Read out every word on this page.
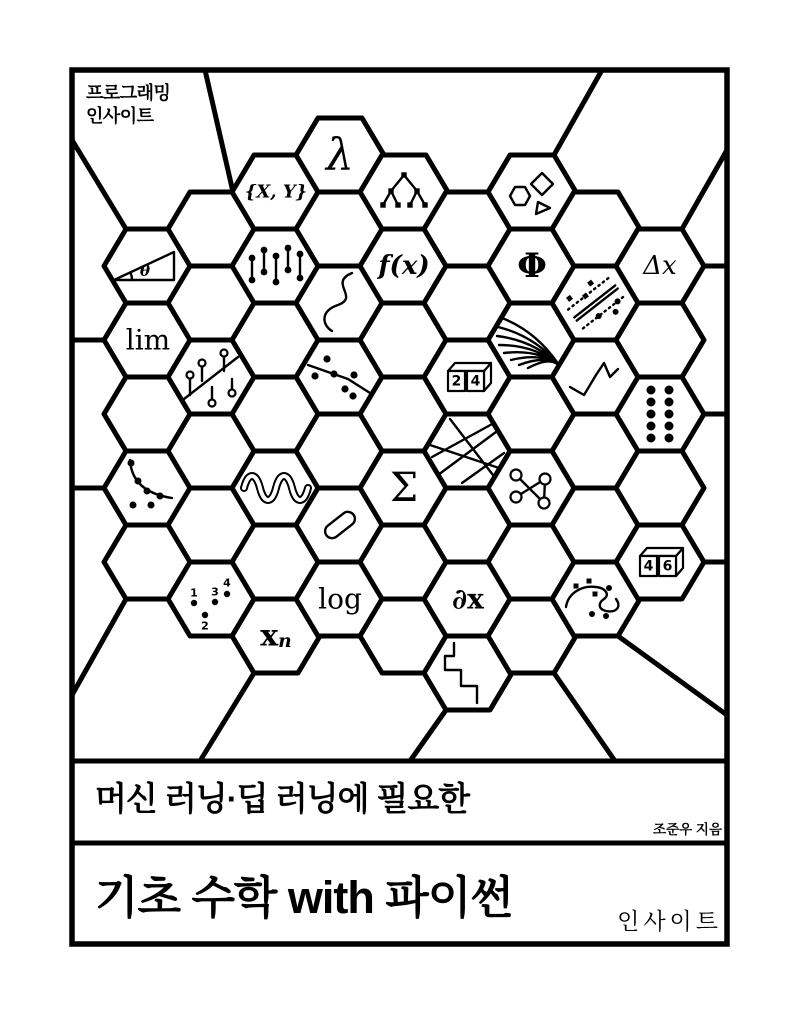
θ
lim
1
2
3
4
{X, Y}
xn
λ
log
f(x)
Σ
2 4
∂x
Φ	Δx
4 6
프로그래밍
인사이트
머신 러닝·딥 러닝에 필요한
조준우 지음
기초 수학 with 파이썬	인사이트
